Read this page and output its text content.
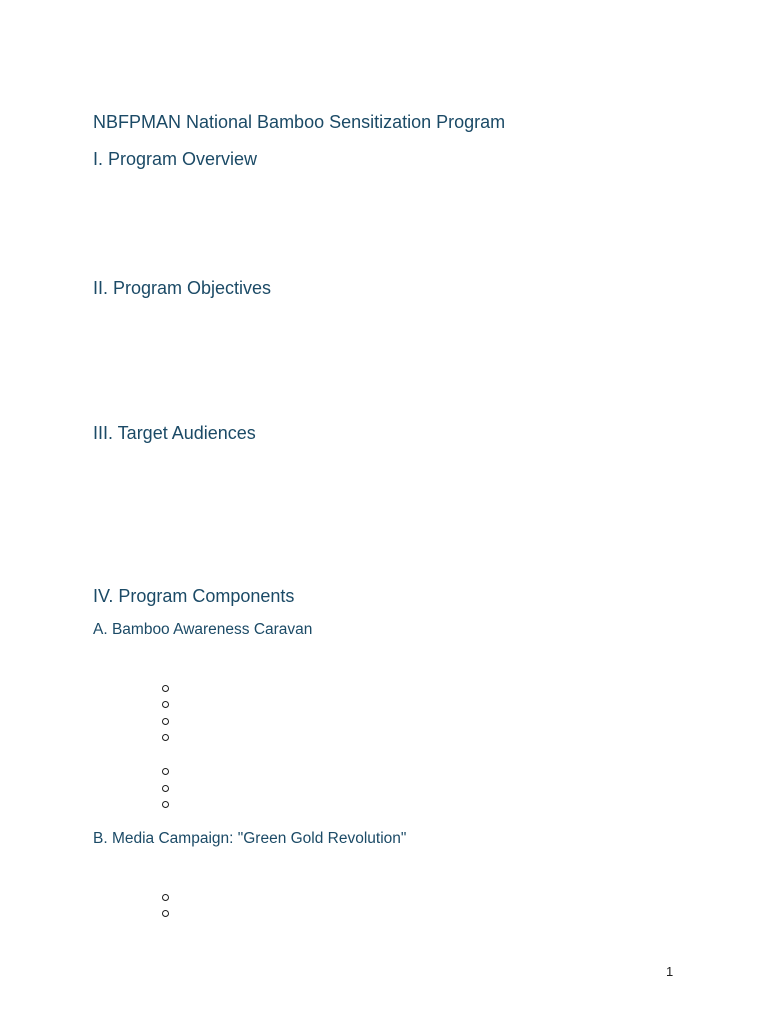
NBFPMAN National Bamboo Sensitization Program
I. Program Overview
II. Program Objectives
III. Target Audiences
IV. Program Components
A. Bamboo Awareness Caravan
B. Media Campaign: "Green Gold Revolution"
1
